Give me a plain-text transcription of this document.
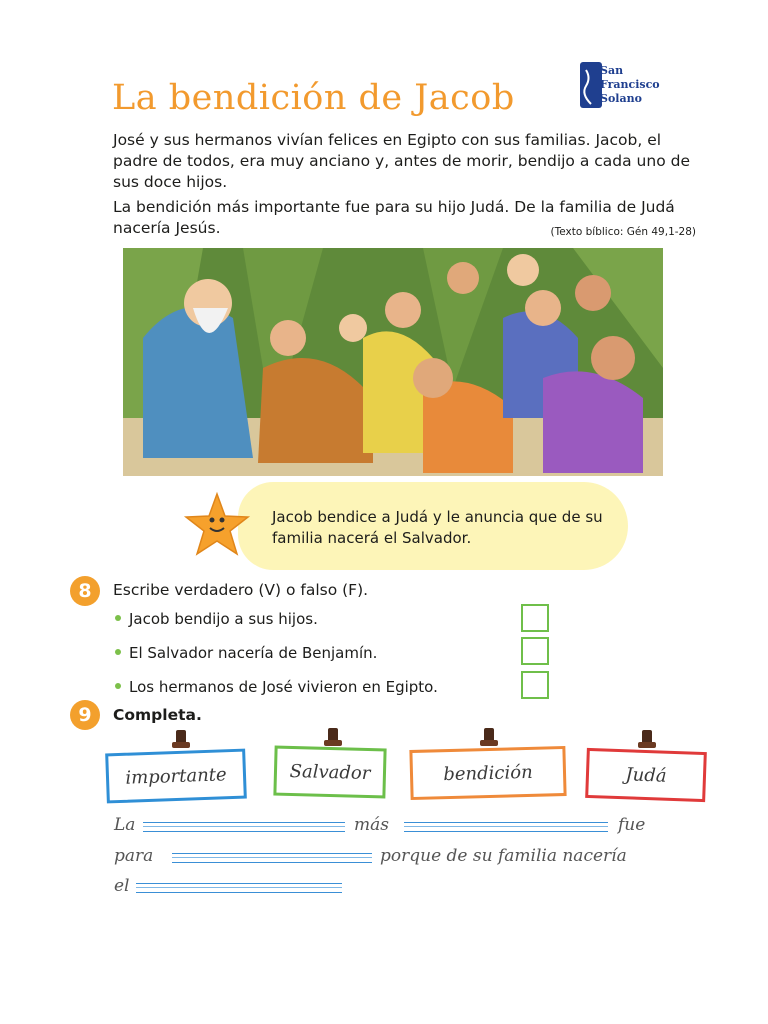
La bendición de Jacob
San
Francisco
Solano
José y sus hermanos vivían felices en Egipto con sus familias. Jacob, el padre de todos, era muy anciano y, antes de morir, bendijo a cada uno de sus doce hijos.
La bendición más importante fue para su hijo Judá. De la familia de Judá nacería Jesús.	(Texto bíblico: Gén 49,1-28)
Jacob bendice a Judá y le anuncia que de su familia nacerá el Salvador.
8	Escribe verdadero (V) o falso (F).
Jacob bendijo a sus hijos.
El Salvador nacería de Benjamín.
Los hermanos de José vivieron en Egipto.
9	Completa.
importante	Salvador	bendición	Judá
La	más	fue
para	porque de su familia nacería
el
